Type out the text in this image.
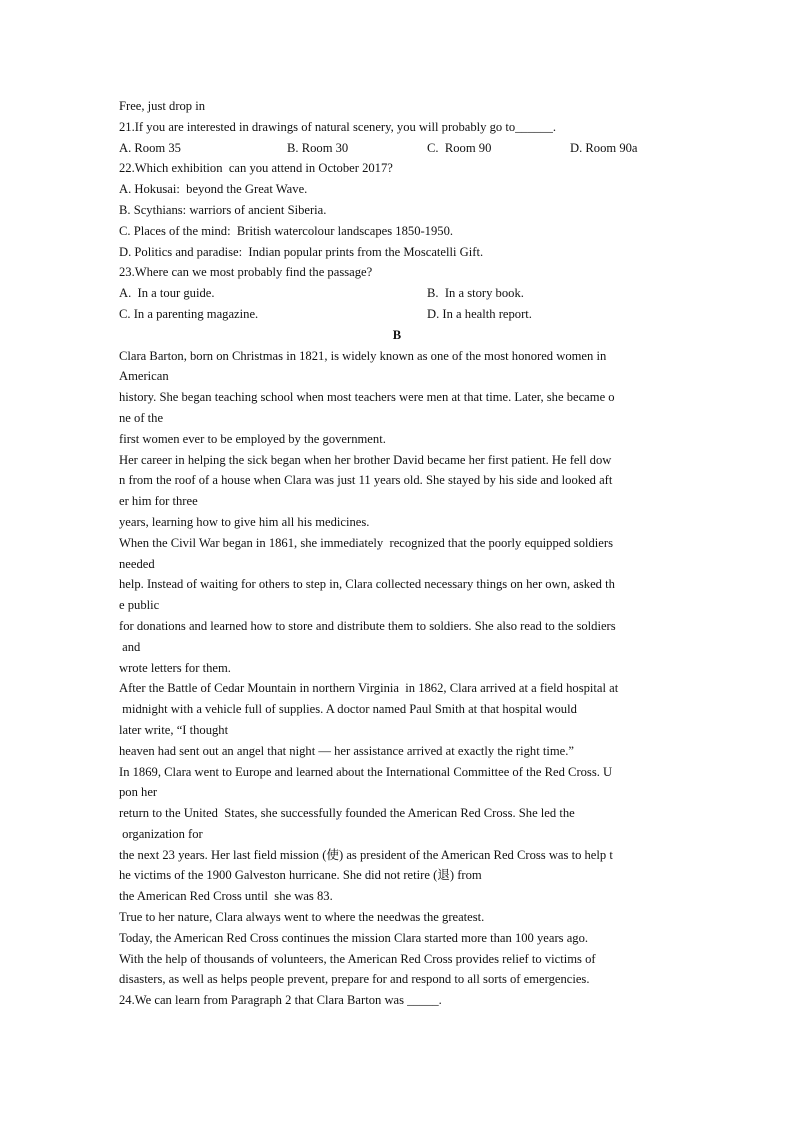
Free, just drop in
21.If you are interested in drawings of natural scenery, you will probably go to______.
A. Room 35	B. Room 30	C.  Room 90	D. Room 90a
22.Which exhibition  can you attend in October 2017?
A. Hokusai:  beyond the Great Wave.
B. Scythians: warriors of ancient Siberia.
C. Places of the mind:  British watercolour landscapes 1850-1950.
D. Politics and paradise:  Indian popular prints from the Moscatelli Gift.
23.Where can we most probably find the passage?
A.  In a tour guide.	B.  In a story book.
C. In a parenting magazine.	D. In a health report.
B
Clara Barton, born on Christmas in 1821, is widely known as one of the most honored women in
American
history. She began teaching school when most teachers were men at that time. Later, she became o
ne of the
first women ever to be employed by the government.
Her career in helping the sick began when her brother David became her first patient. He fell dow
n from the roof of a house when Clara was just 11 years old. She stayed by his side and looked aft
er him for three
years, learning how to give him all his medicines.
When the Civil War began in 1861, she immediately  recognized that the poorly equipped soldiers
needed
help. Instead of waiting for others to step in, Clara collected necessary things on her own, asked th
e public
for donations and learned how to store and distribute them to soldiers. She also read to the soldiers
and
wrote letters for them.
After the Battle of Cedar Mountain in northern Virginia  in 1862, Clara arrived at a field hospital at
midnight with a vehicle full of supplies. A doctor named Paul Smith at that hospital would
later write, “I thought
heaven had sent out an angel that night — her assistance arrived at exactly the right time.”
In 1869, Clara went to Europe and learned about the International Committee of the Red Cross. U
pon her
return to the United  States, she successfully founded the American Red Cross. She led the
organization for
the next 23 years. Her last field mission (使) as president of the American Red Cross was to help t
he victims of the 1900 Galveston hurricane. She did not retire (退) from
the American Red Cross until  she was 83.
True to her nature, Clara always went to where the needwas the greatest.
Today, the American Red Cross continues the mission Clara started more than 100 years ago.
With the help of thousands of volunteers, the American Red Cross provides relief to victims of
disasters, as well as helps people prevent, prepare for and respond to all sorts of emergencies.
24.We can learn from Paragraph 2 that Clara Barton was _____.
